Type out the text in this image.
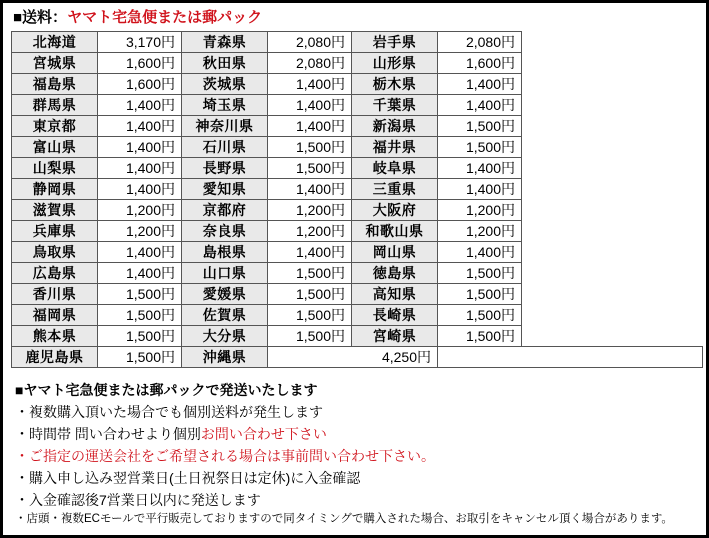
■送料：ヤマト宅急便または郵パック
北海道	3,170円	青森県	2,080円	岩手県	2,080円
宮城県	1,600円	秋田県	2,080円	山形県	1,600円
福島県	1,600円	茨城県	1,400円	栃木県	1,400円
群馬県	1,400円	埼玉県	1,400円	千葉県	1,400円
東京都	1,400円	神奈川県	1,400円	新潟県	1,500円
富山県	1,400円	石川県	1,500円	福井県	1,500円
山梨県	1,400円	長野県	1,500円	岐阜県	1,400円
静岡県	1,400円	愛知県	1,400円	三重県	1,400円
滋賀県	1,200円	京都府	1,200円	大阪府	1,200円
兵庫県	1,200円	奈良県	1,200円	和歌山県	1,200円
鳥取県	1,400円	島根県	1,400円	岡山県	1,400円
広島県	1,400円	山口県	1,500円	徳島県	1,500円
香川県	1,500円	愛媛県	1,500円	高知県	1,500円
福岡県	1,500円	佐賀県	1,500円	長崎県	1,500円
熊本県	1,500円	大分県	1,500円	宮崎県	1,500円
鹿児島県	1,500円	沖縄県	4,250円		
■ヤマト宅急便または郵パックで発送いたします
・複数購入頂いた場合でも個別送料が発生します
・時間帯 問い合わせより個別お問い合わせ下さい
・ご指定の運送会社をご希望される場合は事前問い合わせ下さい。
・購入申し込み翌営業日(土日祝祭日は定休)に入金確認
・入金確認後7営業日以内に発送します
・店頭・複数ECモールで平行販売しておりますので同タイミングで購入された場合、お取引をキャンセル頂く場合があります。
